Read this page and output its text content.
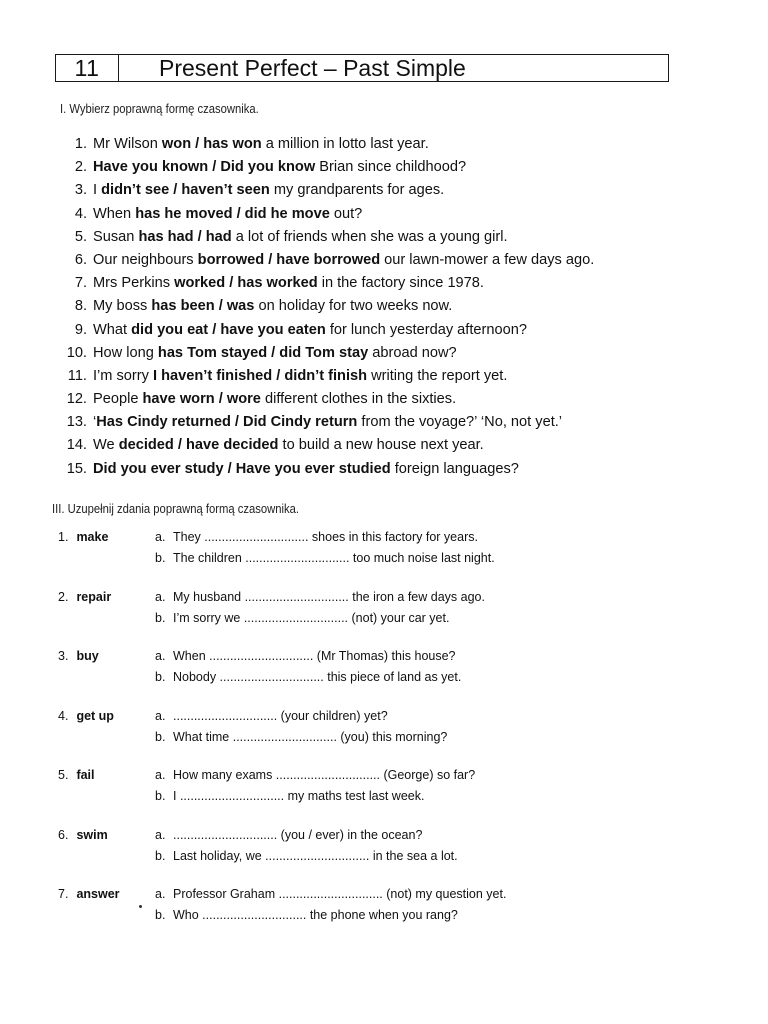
11	Present Perfect – Past Simple
I. Wybierz poprawną formę czasownika.
1. Mr Wilson won / has won a million in lotto last year.
2. Have you known / Did you know Brian since childhood?
3. I didn’t see / haven’t seen my grandparents for ages.
4. When has he moved / did he move out?
5. Susan has had / had a lot of friends when she was a young girl.
6. Our neighbours borrowed / have borrowed our lawn-mower a few days ago.
7. Mrs Perkins worked / has worked in the factory since 1978.
8. My boss has been / was on holiday for two weeks now.
9. What did you eat / have you eaten for lunch yesterday afternoon?
10. How long has Tom stayed / did Tom stay abroad now?
11. I’m sorry I haven’t finished / didn’t finish writing the report yet.
12. People have worn / wore different clothes in the sixties.
13. ‘Has Cindy returned / Did Cindy return from the voyage?’ ‘No, not yet.’
14. We decided / have decided to build a new house next year.
15. Did you ever study / Have you ever studied foreign languages?
III. Uzupełnij zdania poprawną formą czasownika.
1. make	a. They .............................. shoes in this factory for years.
b. The children .............................. too much noise last night.
2. repair	a. My husband .............................. the iron a few days ago.
b. I’m sorry we .............................. (not) your car yet.
3. buy	a. When .............................. (Mr Thomas) this house?
b. Nobody .............................. this piece of land as yet.
4. get up	a. .............................. (your children) yet?
b. What time .............................. (you) this morning?
5. fail	a. How many exams .............................. (George) so far?
b. I .............................. my maths test last week.
6. swim	a. .............................. (you / ever) in the ocean?
b. Last holiday, we .............................. in the sea a lot.
7. answer	a. Professor Graham .............................. (not) my question yet.
b. Who .............................. the phone when you rang?
